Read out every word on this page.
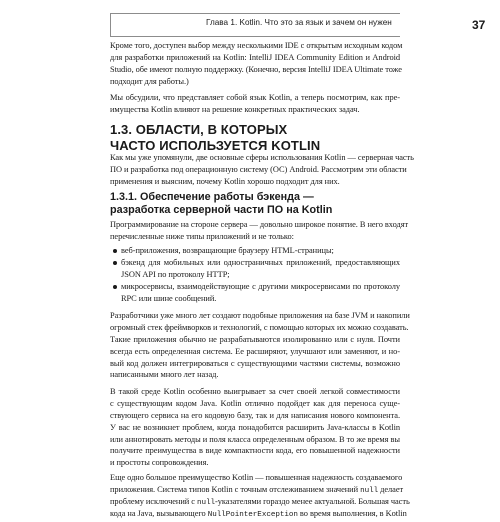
Глава 1. Kotlin. Что это за язык и зачем он нужен	37
Кроме того, доступен выбор между несколькими IDE с открытым исходным кодом
для разработки приложений на Kotlin: IntelliJ IDEA Community Edition и Android
Studio, обе имеют полную поддержку. (Конечно, версия IntelliJ IDEA Ultimate тоже
подходит для работы.)
Мы обсудили, что представляет собой язык Kotlin, а теперь посмотрим, как пре-
имущества Kotlin влияют на решение конкретных практических задач.
1.3. ОБЛАСТИ, В КОТОРЫХ
ЧАСТО ИСПОЛЬЗУЕТСЯ KOTLIN
Как мы уже упомянули, две основные сферы использования Kotlin — серверная часть
ПО и разработка под операционную систему (ОС) Android. Рассмотрим эти области
применения и выясним, почему Kotlin хорошо подходит для них.
1.3.1. Обеспечение работы бэкенда —
разработка серверной части ПО на Kotlin
Программирование на стороне сервера — довольно широкое понятие. В него входят
перечисленные ниже типы приложений и не только:
веб-приложения, возвращающие браузеру HTML-страницы;
бэкенд для мобильных или одностраничных приложений, предоставляющих
JSON API по протоколу HTTP;
микросервисы, взаимодействующие с другими микросервисами по протоколу
RPC или шине сообщений.
Разработчики уже много лет создают подобные приложения на базе JVM и накопили
огромный стек фреймворков и технологий, с помощью которых их можно создавать.
Такие приложения обычно не разрабатываются изолированно или с нуля. Почти
всегда есть определенная система. Ее расширяют, улучшают или заменяют, и но-
вый код должен интегрироваться с существующими частями системы, возможно
написанными много лет назад.
В такой среде Kotlin особенно выигрывает за счет своей легкой совместимости
с существующим кодом Java. Kotlin отлично подойдет как для переноса суще-
ствующего сервиса на его кодовую базу, так и для написания нового компонента.
У вас не возникнет проблем, когда понадобится расширить Java-классы в Kotlin
или аннотировать методы и поля класса определенным образом. В то же время вы
получите преимущества в виде компактности кода, его повышенной надежности
и простоты сопровождения.
Еще одно большое преимущество Kotlin — повышенная надежность создаваемого
приложения. Система типов Kotlin с точным отслеживанием значений null делает
проблему исключений с null-указателями гораздо менее актуальной. Большая часть
кода на Java, вызывающего NullPointerException во время выполнения, в Kotlin
